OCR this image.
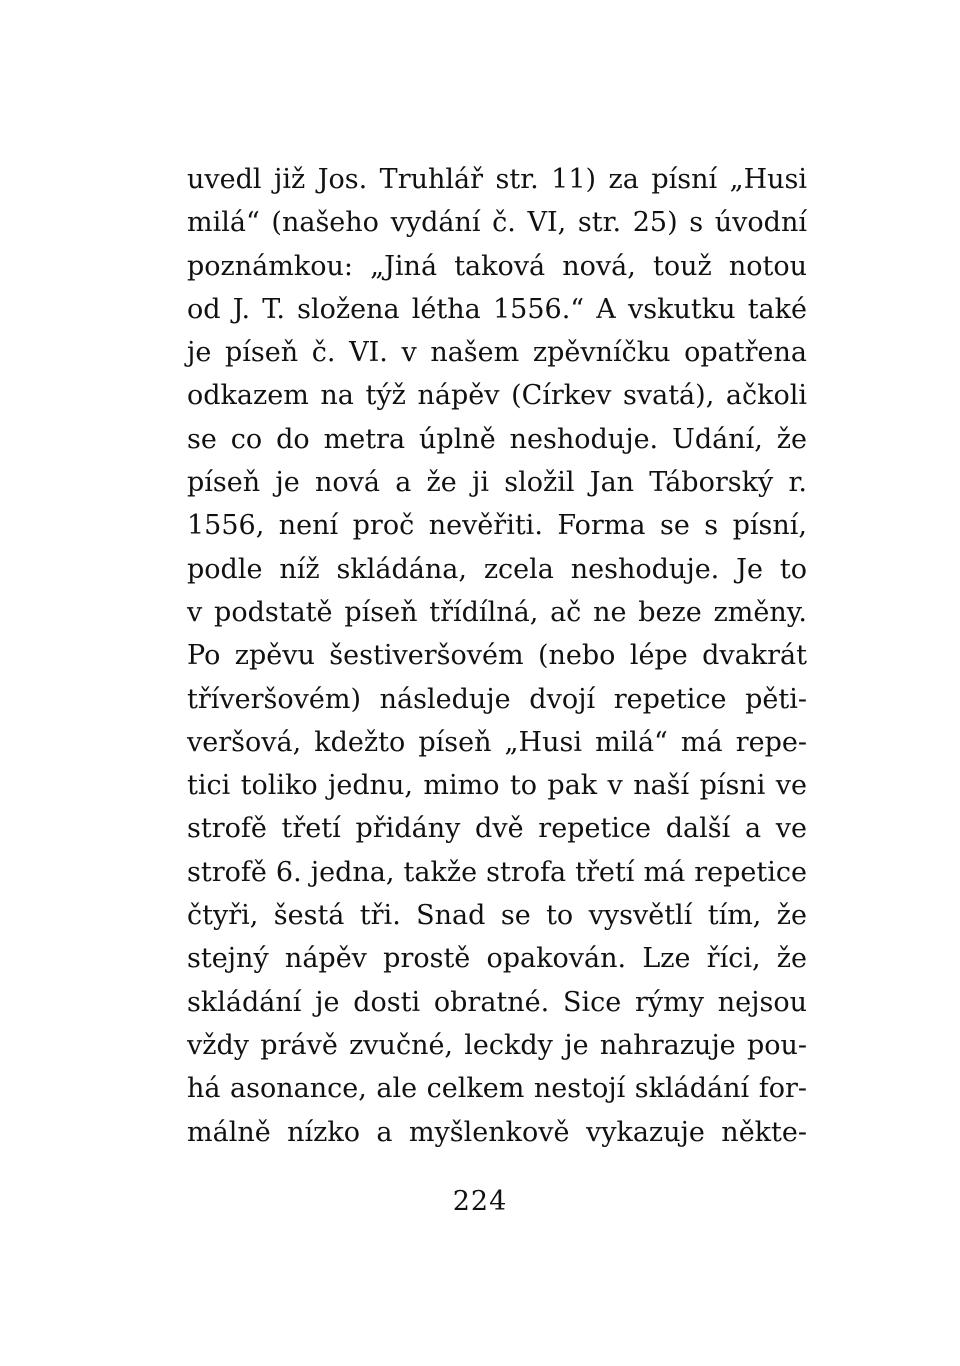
uvedl již Jos. Truhlář str. 11) za písní „Husi
milá“ (našeho vydání č. VI, str. 25) s úvodní
poznámkou: „Jiná taková nová, touž notou
od J. T. složena létha 1556.“ A vskutku také
je píseň č. VI. v našem zpěvníčku opatřena
odkazem na týž nápěv (Církev svatá), ačkoli
se co do metra úplně neshoduje. Udání, že
píseň je nová a že ji složil Jan Táborský r.
1556, není proč nevěřiti. Forma se s písní,
podle níž skládána, zcela neshoduje. Je to
v podstatě píseň třídílná, ač ne beze změny.
Po zpěvu šestiveršovém (nebo lépe dvakrát
tříveršovém) následuje dvojí repetice pěti-
veršová, kdežto píseň „Husi milá“ má repe-
tici toliko jednu, mimo to pak v naší písni ve
strofě třetí přidány dvě repetice další a ve
strofě 6. jedna, takže strofa třetí má repetice
čtyři, šestá tři. Snad se to vysvětlí tím, že
stejný nápěv prostě opakován. Lze říci, že
skládání je dosti obratné. Sice rýmy nejsou
vždy právě zvučné, leckdy je nahrazuje pou-
há asonance, ale celkem nestojí skládání for-
málně nízko a myšlenkově vykazuje někte-
224
